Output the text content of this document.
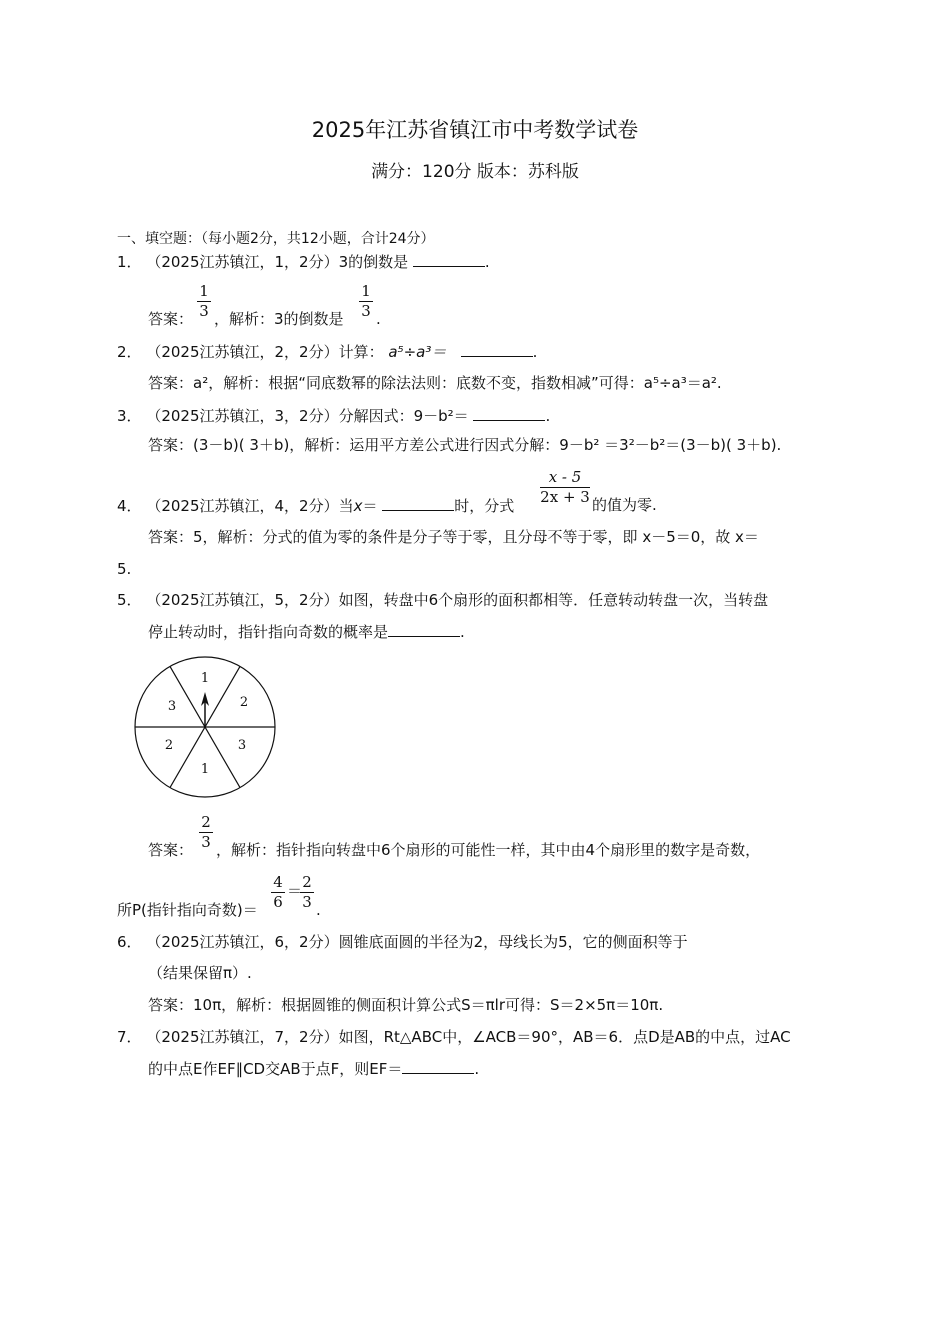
2025年江苏省镇江市中考数学试卷
满分：120分 版本：苏科版
一、填空题：（每小题2分，共12小题，合计24分）
1． （2025江苏镇江，1，2分）3的倒数是	.
答案：
1
3 ，解析：3的倒数是
1
3 .
2． （2025江苏镇江，2，2分）计算： a⁵÷a³＝	.
答案：a²，解析：根据“同底数幂的除法法则：底数不变，指数相减”可得：a⁵÷a³＝a².
3． （2025江苏镇江，3，2分）分解因式：9－b²＝	.
答案：(3－b)( 3＋b)，解析：运用平方差公式进行因式分解：9－b² ＝3²－b²＝(3－b)( 3＋b).
4． （2025江苏镇江，4，2分）当x＝	时，分式
x - 5
2x + 3 的值为零.
答案：5，解析：分式的值为零的条件是分子等于零，且分母不等于零，即 x－5＝0，故 x＝
5.
5． （2025江苏镇江，5，2分）如图，转盘中6个扇形的面积都相等．任意转动转盘一次，当转盘
停止转动时，指针指向奇数的概率是	.
1
2
3
1
2
3
答案：
2
3 ，解析：指针指向转盘中6个扇形的可能性一样，其中由4个扇形里的数字是奇数，
所P(指针指向奇数)＝
4
6
＝ 2
3 .
6． （2025江苏镇江，6，2分）圆锥底面圆的半径为2，母线长为5，它的侧面积等于
（结果保留π）.
答案：10π，解析：根据圆锥的侧面积计算公式S＝πlr可得：S＝2×5π＝10π.
7． （2025江苏镇江，7，2分）如图，Rt△ABC中，∠ACB＝90°，AB＝6．点D是AB的中点，过AC
的中点E作EF∥CD交AB于点F，则EF＝	.
